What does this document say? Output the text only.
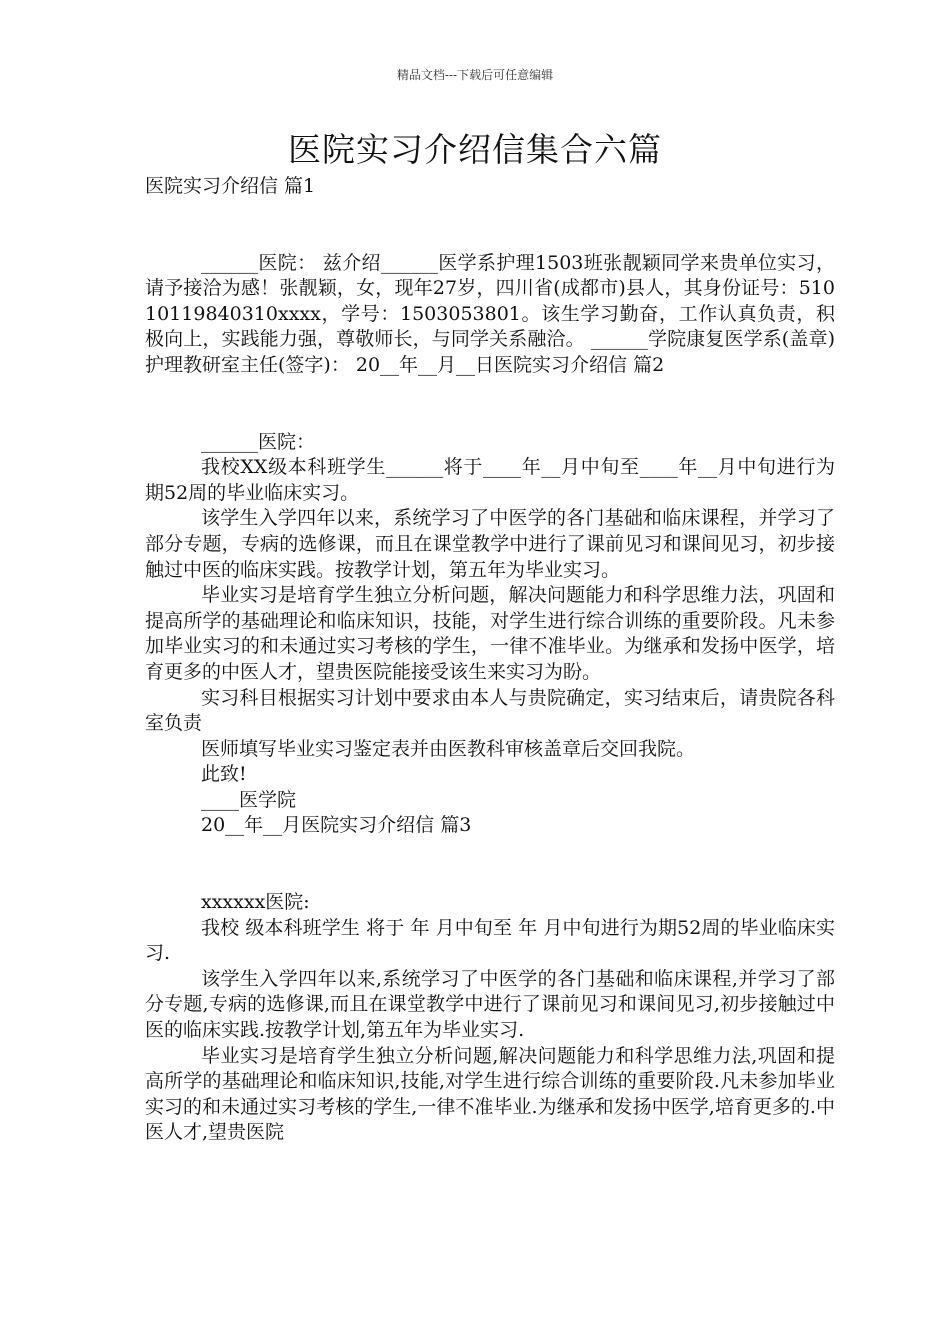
精品文档---下载后可任意编辑
医院实习介绍信集合六篇

医院实习介绍信 篇1

______医院： 兹介绍______医学系护理1503班张靓颖同学来贵单位实习，请予接洽为感！张靓颖，女，现年27岁，四川省(成都市)县人，其身份证号：51010119840310xxxx，学号：1503053801。该生学习勤奋，工作认真负责，积极向上，实践能力强，尊敬师长，与同学关系融洽。 ______学院康复医学系(盖章) 护理教研室主任(签字)： 20__年__月__日医院实习介绍信 篇2

______医院：

我校XX级本科班学生______将于____年__月中旬至____年__月中旬进行为期52周的毕业临床实习。

该学生入学四年以来，系统学习了中医学的各门基础和临床课程，并学习了部分专题，专病的选修课，而且在课堂教学中进行了课前见习和课间见习，初步接触过中医的临床实践。按教学计划，第五年为毕业实习。

毕业实习是培育学生独立分析问题，解决问题能力和科学思维力法，巩固和提高所学的基础理论和临床知识，技能，对学生进行综合训练的重要阶段。凡未参加毕业实习的和未通过实习考核的学生，一律不准毕业。为继承和发扬中医学，培育更多的中医人才，望贵医院能接受该生来实习为盼。

实习科目根据实习计划中要求由本人与贵院确定，实习结束后，请贵院各科室负责

医师填写毕业实习鉴定表并由医教科审核盖章后交回我院。

此致!

____医学院

20__年__月医院实习介绍信 篇3

xxxxxx医院:

我校 级本科班学生 将于 年 月中旬至 年 月中旬进行为期52周的毕业临床实习.

该学生入学四年以来,系统学习了中医学的各门基础和临床课程,并学习了部分专题,专病的选修课,而且在课堂教学中进行了课前见习和课间见习,初步接触过中医的临床实践.按教学计划,第五年为毕业实习.

毕业实习是培育学生独立分析问题,解决问题能力和科学思维力法,巩固和提高所学的基础理论和临床知识,技能,对学生进行综合训练的重要阶段.凡未参加毕业实习的和未通过实习考核的学生,一律不准毕业.为继承和发扬中医学,培育更多的.中医人才,望贵医院
